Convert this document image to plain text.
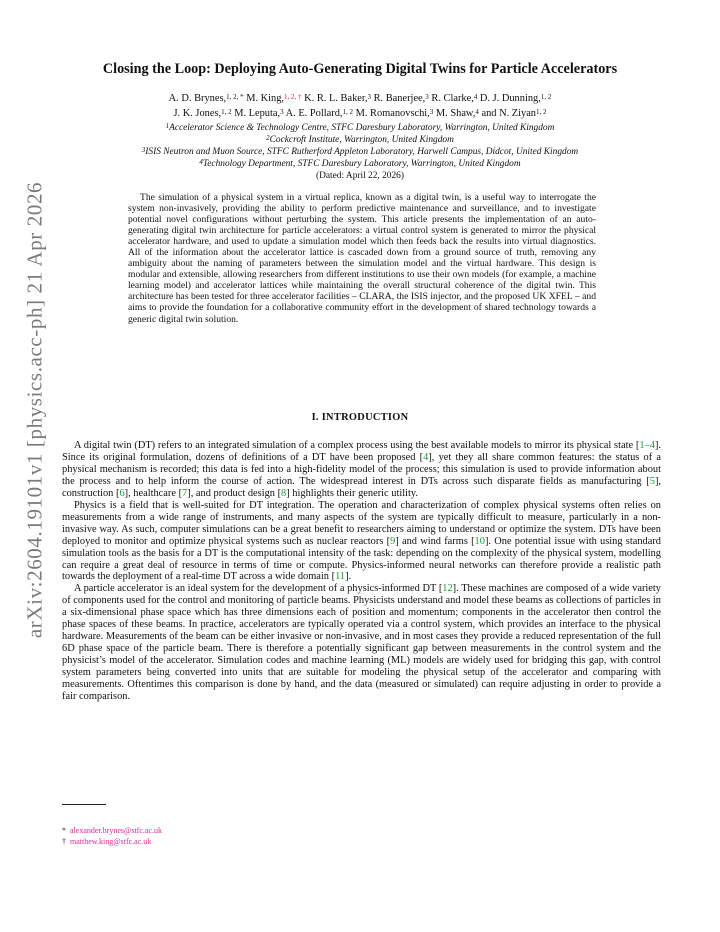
arXiv:2604.19101v1 [physics.acc-ph] 21 Apr 2026
Closing the Loop: Deploying Auto-Generating Digital Twins for Particle Accelerators
A. D. Brynes,$^{1, 2, *}$ M. King,$^{1, 2, \dagger}$ K. R. L. Baker,$^3$ R. Banerjee,$^3$ R. Clarke,$^4$ D. J. Dunning,$^{1, 2}$
J. K. Jones,$^{1, 2}$ M. Leputa,$^3$ A. E. Pollard,$^{1, 2}$ M. Romanovschi,$^3$ M. Shaw,$^4$ and N. Ziyan$^{1, 2}$
$^1$Accelerator Science & Technology Centre, STFC Daresbury Laboratory, Warrington, United Kingdom
$^2$Cockcroft Institute, Warrington, United Kingdom
$^3$ISIS Neutron and Muon Source, STFC Rutherford Appleton Laboratory, Harwell Campus, Didcot, United Kingdom
$^4$Technology Department, STFC Daresbury Laboratory, Warrington, United Kingdom
(Dated: April 22, 2026)
The simulation of a physical system in a virtual replica, known as a digital twin, is a useful way to interrogate the system non-invasively, providing the ability to perform predictive maintenance and surveillance, and to investigate potential novel configurations without perturbing the system. This article presents the implementation of an auto-generating digital twin architecture for particle accelerators: a virtual control system is generated to mirror the physical accelerator hardware, and used to update a simulation model which then feeds back the results into virtual diagnostics. All of the information about the accelerator lattice is cascaded down from a ground source of truth, removing any ambiguity about the naming of parameters between the simulation model and the virtual hardware. This design is modular and extensible, allowing researchers from different institutions to use their own models (for example, a machine learning model) and accelerator lattices while maintaining the overall structural coherence of the digital twin. This architecture has been tested for three accelerator facilities – CLARA, the ISIS injector, and the proposed UK XFEL – and aims to provide the foundation for a collaborative community effort in the development of shared technology towards a generic digital twin solution.
I. INTRODUCTION

A digital twin (DT) refers to an integrated simulation of a complex process using the best available models to mirror its physical state [1–4]. Since its original formulation, dozens of definitions of a DT have been proposed [4], yet they all share common features: the status of a physical mechanism is recorded; this data is fed into a high-fidelity model of the process; this simulation is used to provide information about the process and to help inform the course of action. The widespread interest in DTs across such disparate fields as manufacturing [5], construction [6], healthcare [7], and product design [8] highlights their generic utility.

Physics is a field that is well-suited for DT integration. The operation and characterization of complex physical systems often relies on measurements from a wide range of instruments, and many aspects of the system are typically difficult to measure, particularly in a non-invasive way. As such, computer simulations can be a great benefit to researchers aiming to understand or optimize the system. DTs have been deployed to monitor and optimize physical systems such as nuclear reactors [9] and wind farms [10]. One potential issue with using standard simulation tools as the basis for a DT is the computational intensity of the task: depending on the complexity of the physical system, modelling can require a great deal of resource in terms of time or compute. Physics-informed neural networks can therefore provide a realistic path towards the deployment of a real-time DT across a wide domain [11].

A particle accelerator is an ideal system for the development of a physics-informed DT [12]. These machines are composed of a wide variety of components used for the control and monitoring of particle beams. Physicists understand and model these beams as collections of particles in a six-dimensional phase space which has three dimensions each of position and momentum; components in the accelerator then control the phase spaces of these beams. In practice, accelerators are typically operated via a control system, which provides an interface to the physical hardware. Measurements of the beam can be either invasive or non-invasive, and in most cases they provide a reduced representation of the full 6D phase space of the particle beam. There is therefore a potentially significant gap between measurements in the control system and the physicist’s model of the accelerator. Simulation codes and machine learning (ML) models are widely used for bridging this gap, with control system parameters being converted into units that are suitable for modeling the physical setup of the accelerator and comparing with measurements. Oftentimes this comparison is done by hand, and the data (measured or simulated) can require adjusting in order to provide a fair comparison.

* alexander.brynes@stfc.ac.uk
† matthew.king@stfc.ac.uk
